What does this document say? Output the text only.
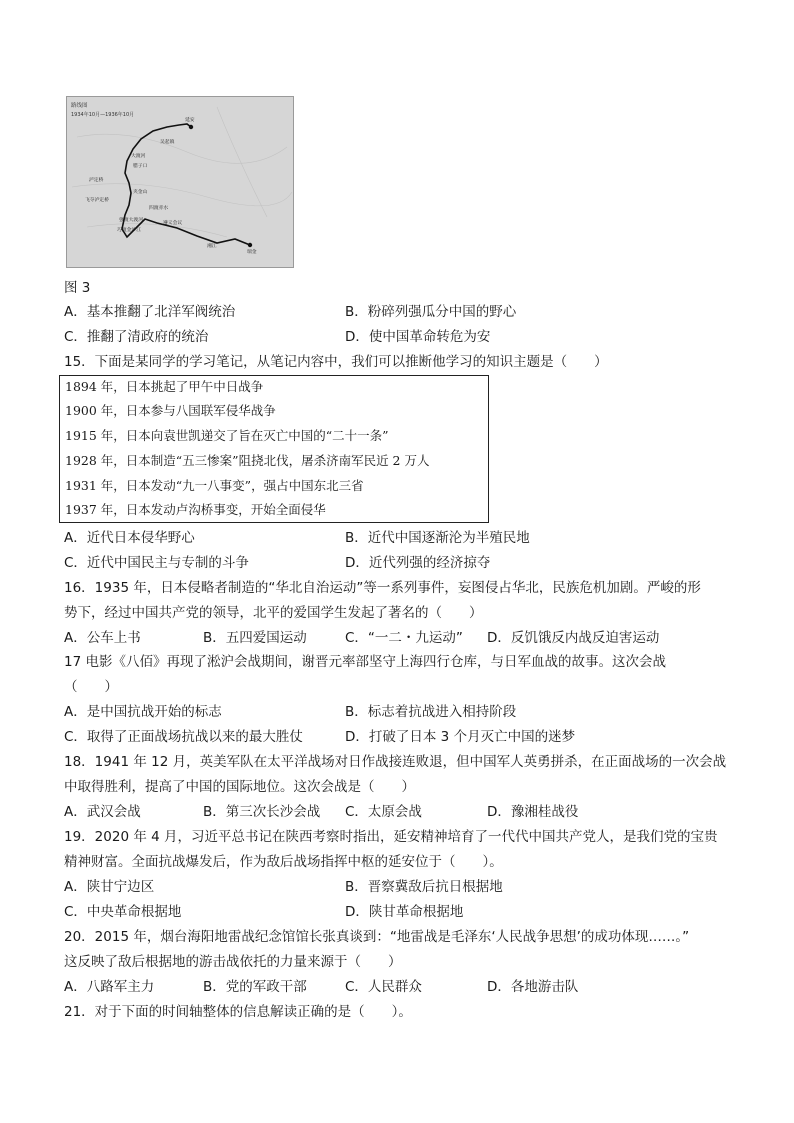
路线图
1934年10月—1936年10月
延安
吴起镇
大渡河
腊子口
泸定桥
夹金山
飞夺泸定桥
四渡赤水
遵义会议
巧渡金沙江
强渡大渡河
湘江
瑞金
图 3
A．基本推翻了北洋军阀统治	B．粉碎列强瓜分中国的野心
C．推翻了清政府的统治	D．使中国革命转危为安
15．下面是某同学的学习笔记，从笔记内容中，我们可以推断他学习的知识主题是（　　）
1894 年，日本挑起了甲午中日战争
1900 年，日本参与八国联军侵华战争
1915 年，日本向袁世凯递交了旨在灭亡中国的“二十一条”
1928 年，日本制造“五三惨案”阻挠北伐，屠杀济南军民近 2 万人
1931 年，日本发动“九一八事变”，强占中国东北三省
1937 年，日本发动卢沟桥事变，开始全面侵华
A．近代日本侵华野心	B．近代中国逐渐沦为半殖民地
C．近代中国民主与专制的斗争	D．近代列强的经济掠夺
16．1935 年，日本侵略者制造的“华北自治运动”等一系列事件，妄图侵占华北，民族危机加剧。严峻的形
势下，经过中国共产党的领导，北平的爱国学生发起了著名的（　　）
A．公车上书	B．五四爱国运动	C．“一二・九运动” D．反饥饿反内战反迫害运动
17 电影《八佰》再现了淞沪会战期间，谢晋元率部坚守上海四行仓库，与日军血战的故事。这次会战
（　　）
A．是中国抗战开始的标志	B．标志着抗战进入相持阶段
C．取得了正面战场抗战以来的最大胜仗	D．打破了日本 3 个月灭亡中国的迷梦
18．1941 年 12 月，英美军队在太平洋战场对日作战接连败退，但中国军人英勇拼杀，在正面战场的一次会战
中取得胜利，提高了中国的国际地位。这次会战是（　　）
A．武汉会战	B．第三次长沙会战 C．太原会战	D．豫湘桂战役
19．2020 年 4 月，习近平总书记在陕西考察时指出，延安精神培育了一代代中国共产党人，是我们党的宝贵
精神财富。全面抗战爆发后，作为敌后战场指挥中枢的延安位于（　　）。
A．陕甘宁边区	B．晋察冀敌后抗日根据地
C．中央革命根据地	D．陕甘革命根据地
20．2015 年，烟台海阳地雷战纪念馆馆长张真谈到：“地雷战是毛泽东‘人民战争思想’的成功体现……。”
这反映了敌后根据地的游击战依托的力量来源于（　　）
A．八路军主力	B．党的军政干部	C．人民群众	D．各地游击队
21．对于下面的时间轴整体的信息解读正确的是（　　）。
